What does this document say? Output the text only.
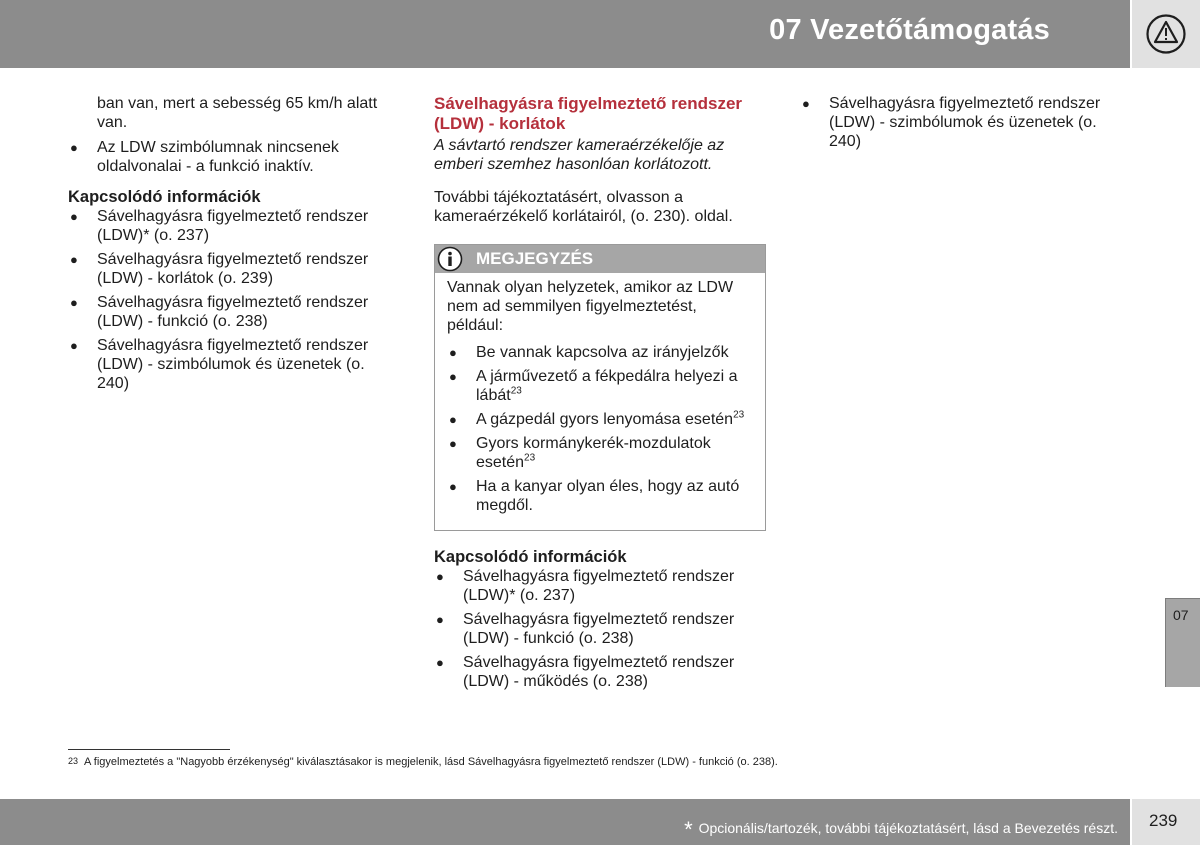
07 Vezetőtámogatás

ban van, mert a sebesség 65 km/h alatt van.

● Az LDW szimbólumnak nincsenek oldalvonalai - a funkció inaktív.
Kapcsolódó információk
● Sávelhagyásra figyelmeztető rendszer (LDW)* (o. 237)
● Sávelhagyásra figyelmeztető rendszer (LDW) - korlátok (o. 239)
● Sávelhagyásra figyelmeztető rendszer (LDW) - funkció (o. 238)
● Sávelhagyásra figyelmeztető rendszer (LDW) - szimbólumok és üzenetek (o. 240)
Sávelhagyásra figyelmeztető rendszer
(LDW) - korlátok

A sávtartó rendszer kameraérzékelője az emberi szemhez hasonlóan korlátozott.

További tájékoztatásért, olvasson a kameraérzékelő korlátairól, (o. 230). oldal.

MEGJEGYZÉS

Vannak olyan helyzetek, amikor az LDW nem ad semmilyen figyelmeztetést, például:

● Be vannak kapcsolva az irányjelzők
● A járművezető a fékpedálra helyezi a lábát$^{23}$
● A gázpedál gyors lenyomása esetén$^{23}$
● Gyors kormánykerék-mozdulatok esetén$^{23}$
● Ha a kanyar olyan éles, hogy az autó megdől.
Kapcsolódó információk
● Sávelhagyásra figyelmeztető rendszer (LDW)* (o. 237)
● Sávelhagyásra figyelmeztető rendszer (LDW) - funkció (o. 238)
● Sávelhagyásra figyelmeztető rendszer (LDW) - működés (o. 238)
● Sávelhagyásra figyelmeztető rendszer (LDW) - szimbólumok és üzenetek (o. 240)
07
23 A figyelmeztetés a "Nagyobb érzékenység" kiválasztásakor is megjelenik, lásd Sávelhagyásra figyelmeztető rendszer (LDW) - funkció (o. 238).
* Opcionális/tartozék, további tájékoztatásért, lásd a Bevezetés részt. 239
